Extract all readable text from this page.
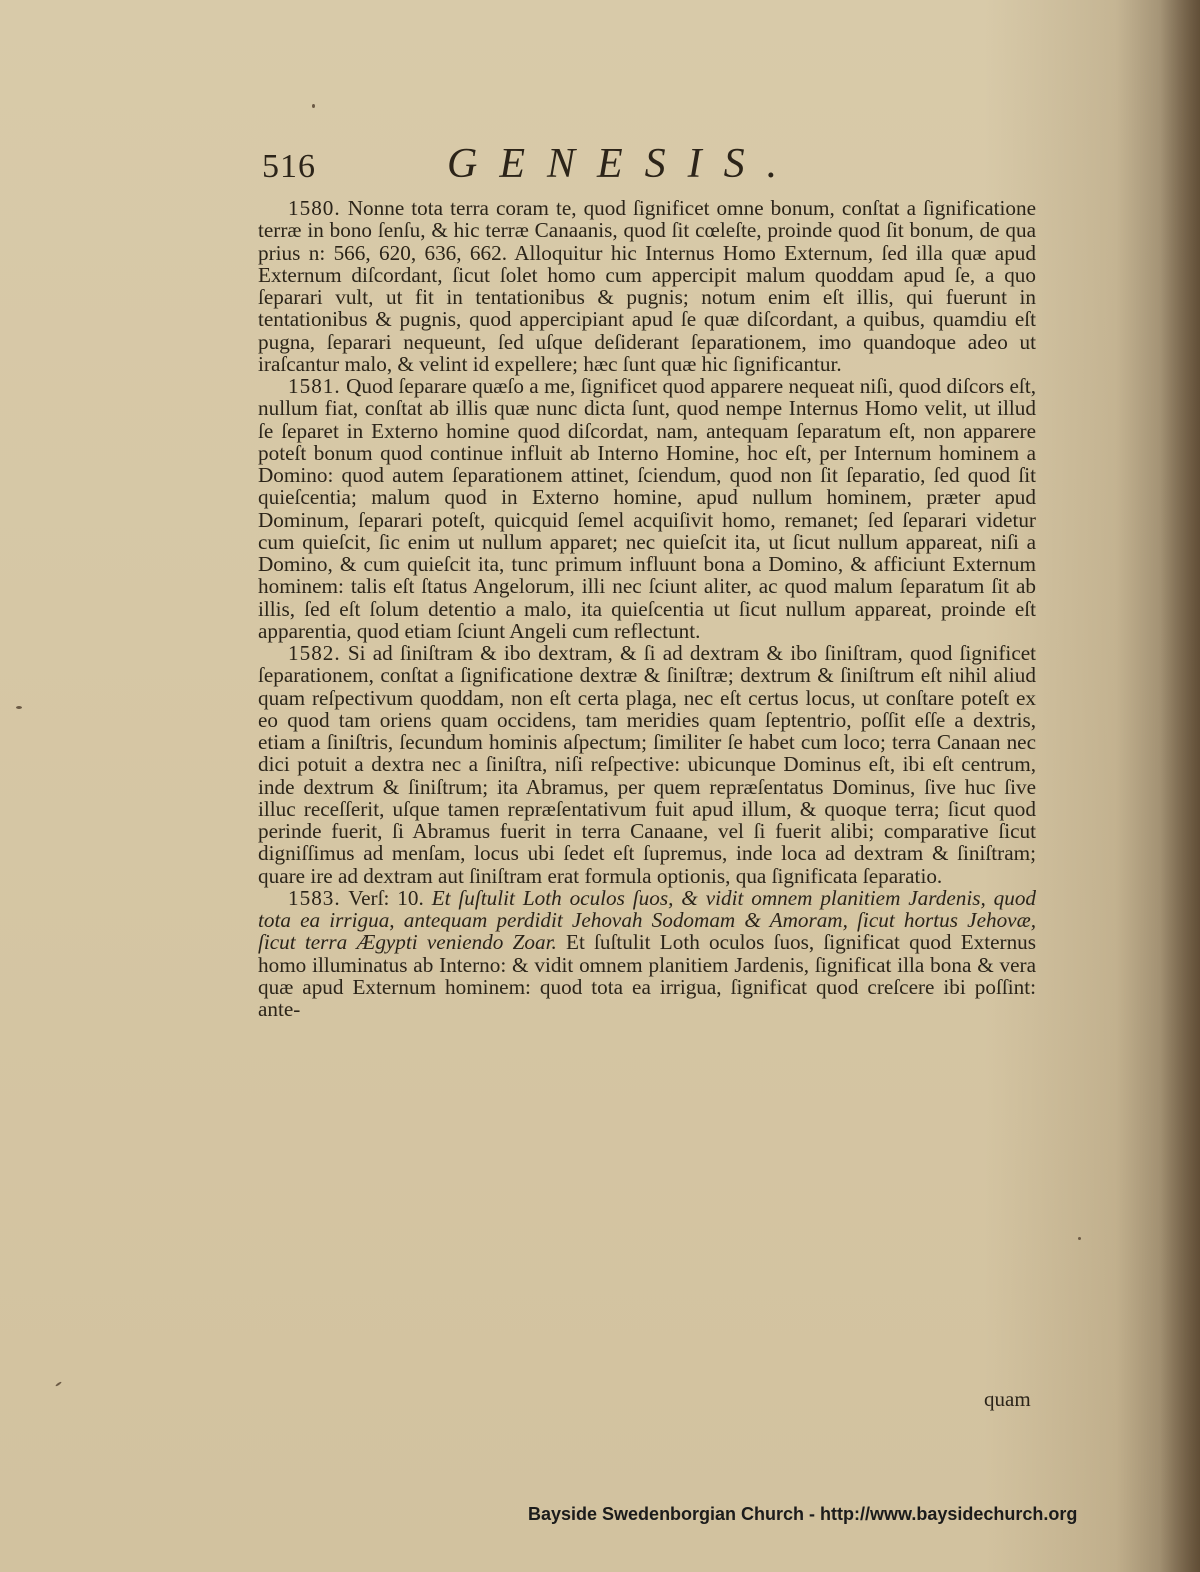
516	GENESIS.

1580. Nonne tota terra coram te, quod ſignificet omne bonum, conſtat a ſignificatione terræ in bono ſenſu, & hic terræ Canaanis, quod ſit cœleſte, proinde quod ſit bonum, de qua prius n: 566, 620, 636, 662. Alloquitur hic Internus Homo Externum, ſed illa quæ apud Externum diſcordant, ſicut ſolet homo cum appercipit malum quoddam apud ſe, a quo ſeparari vult, ut fit in tentationibus & pugnis; notum enim eſt illis, qui fuerunt in tentationibus & pugnis, quod appercipiant apud ſe quæ diſcordant, a quibus, quamdiu eſt pugna, ſeparari nequeunt, ſed uſque deſiderant ſeparationem, imo quandoque adeo ut iraſcantur malo, & velint id expellere; hæc ſunt quæ hic ſignificantur.

1581. Quod ſeparare quæſo a me, ſignificet quod apparere nequeat niſi, quod diſcors eſt, nullum fiat, conſtat ab illis quæ nunc dicta ſunt, quod nempe Internus Homo velit, ut illud ſe ſeparet in Externo homine quod diſcordat, nam, antequam ſeparatum eſt, non apparere poteſt bonum quod continue influit ab Interno Homine, hoc eſt, per Internum hominem a Domino: quod autem ſeparationem attinet, ſciendum, quod non ſit ſeparatio, ſed quod ſit quieſcentia; malum quod in Externo homine, apud nullum hominem, præter apud Dominum, ſeparari poteſt, quicquid ſemel acquiſivit homo, remanet; ſed ſeparari videtur cum quieſcit, ſic enim ut nullum apparet; nec quieſcit ita, ut ſicut nullum appareat, niſi a Domino, & cum quieſcit ita, tunc primum influunt bona a Domino, & afficiunt Externum hominem: talis eſt ſtatus Angelorum, illi nec ſciunt aliter, ac quod malum ſeparatum ſit ab illis, ſed eſt ſolum detentio a malo, ita quieſcentia ut ſicut nullum appareat, proinde eſt apparentia, quod etiam ſciunt Angeli cum reflectunt.

1582. Si ad ſiniſtram & ibo dextram, & ſi ad dextram & ibo ſiniſtram, quod ſignificet ſeparationem, conſtat a ſignificatione dextræ & ſiniſtræ; dextrum & ſiniſtrum eſt nihil aliud quam reſpectivum quoddam, non eſt certa plaga, nec eſt certus locus, ut conſtare poteſt ex eo quod tam oriens quam occidens, tam meridies quam ſeptentrio, poſſit eſſe a dextris, etiam a ſiniſtris, ſecundum hominis aſpectum; ſimiliter ſe habet cum loco; terra Canaan nec dici potuit a dextra nec a ſiniſtra, niſi reſpective: ubicunque Dominus eſt, ibi eſt centrum, inde dextrum & ſiniſtrum; ita Abramus, per quem repræſentatus Dominus, ſive huc ſive illuc receſſerit, uſque tamen repræſentativum fuit apud illum, & quoque terra; ſicut quod perinde fuerit, ſi Abramus fuerit in terra Canaane, vel ſi fuerit alibi; comparative ſicut digniſſimus ad menſam, locus ubi ſedet eſt ſupremus, inde loca ad dextram & ſiniſtram; quare ire ad dextram aut ſiniſtram erat formula optionis, qua ſignificata ſeparatio.

1583. Verſ: 10. Et ſuſtulit Loth oculos ſuos, & vidit omnem planitiem Jardenis, quod tota ea irrigua, antequam perdidit Jehovah Sodomam & Amoram, ſicut hortus Jehovæ, ſicut terra Ægypti veniendo Zoar. Et ſuſtulit Loth oculos ſuos, ſignificat quod Externus homo illuminatus ab Interno: & vidit omnem planitiem Jardenis, ſignificat illa bona & vera quæ apud Externum hominem: quod tota ea irrigua, ſignificat quod creſcere ibi poſſint: ante-

quam
Bayside Swedenborgian Church - http://www.baysidechurch.org
